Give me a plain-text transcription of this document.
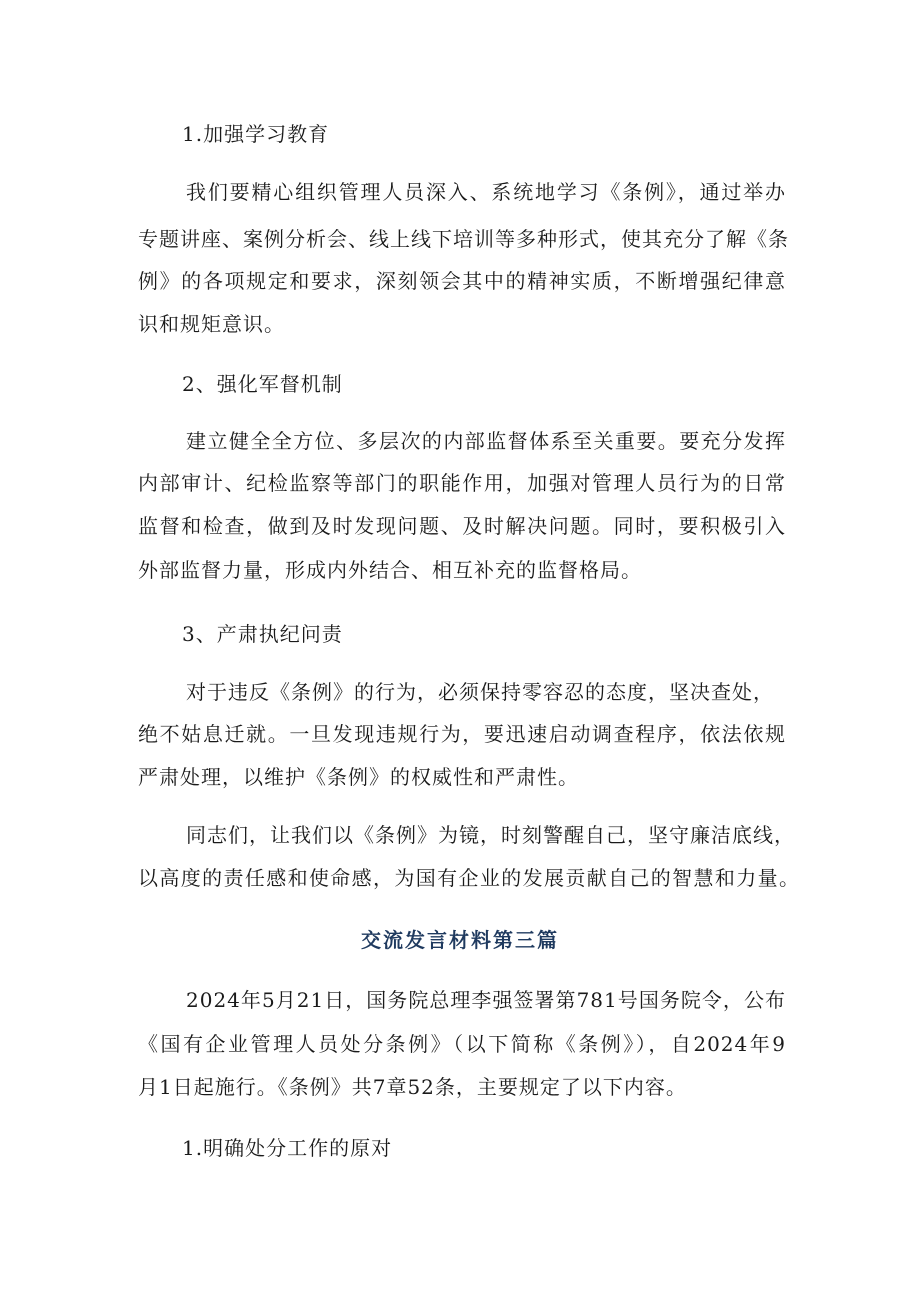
1.加强学习教育
我们要精心组织管理人员深入、系统地学习《条例》，通过举办
专题讲座、案例分析会、线上线下培训等多种形式，使其充分了解《条
例》的各项规定和要求，深刻领会其中的精神实质，不断增强纪律意
识和规矩意识。
2、强化军督机制
建立健全全方位、多层次的内部监督体系至关重要。要充分发挥
内部审计、纪检监察等部门的职能作用，加强对管理人员行为的日常
监督和检查，做到及时发现问题、及时解决问题。同时，要积极引入
外部监督力量，形成内外结合、相互补充的监督格局。
3、产肃执纪问责
对于违反《条例》的行为，必须保持零容忍的态度，坚决查处，
绝不姑息迁就。一旦发现违规行为，要迅速启动调查程序，依法依规
严肃处理，以维护《条例》的权威性和严肃性。
同志们，让我们以《条例》为镜，时刻警醒自己，坚守廉洁底线，
以高度的责任感和使命感，为国有企业的发展贡献自己的智慧和力量。
交流发言材料第三篇
2024年5月21日，国务院总理李强签署第781号国务院令，公布
《国有企业管理人员处分条例》（以下简称《条例》），自2024年9
月1日起施行。《条例》共7章52条，主要规定了以下内容。
1.明确处分工作的原对
